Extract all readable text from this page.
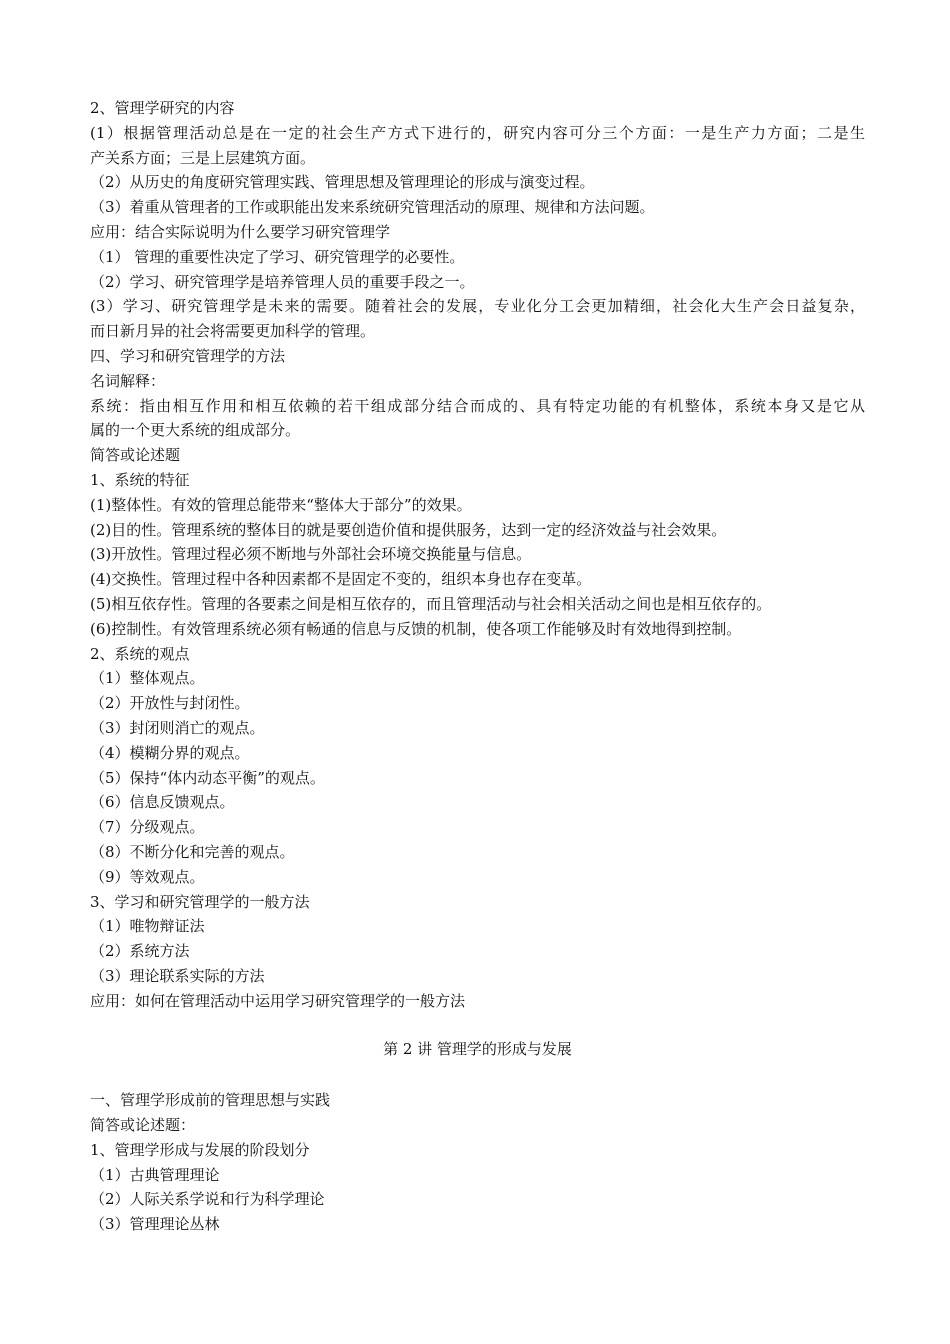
2、管理学研究的内容
(1）根据管理活动总是在一定的社会生产方式下进行的，研究内容可分三个方面：一是生产力方面；二是生
产关系方面；三是上层建筑方面。
（2）从历史的角度研究管理实践、管理思想及管理理论的形成与演变过程。
（3）着重从管理者的工作或职能出发来系统研究管理活动的原理、规律和方法问题。
应用：结合实际说明为什么要学习研究管理学
（1） 管理的重要性决定了学习、研究管理学的必要性。
（2）学习、研究管理学是培养管理人员的重要手段之一。
(3）学习、研究管理学是未来的需要。随着社会的发展，专业化分工会更加精细，社会化大生产会日益复杂，
而日新月异的社会将需要更加科学的管理。
四、学习和研究管理学的方法
名词解释：
系统：指由相互作用和相互依赖的若干组成部分结合而成的、具有特定功能的有机整体，系统本身又是它从
属的一个更大系统的组成部分。
简答或论述题
1、系统的特征
(1)整体性。有效的管理总能带来“整体大于部分”的效果。
(2)目的性。管理系统的整体目的就是要创造价值和提供服务，达到一定的经济效益与社会效果。
(3)开放性。管理过程必须不断地与外部社会环境交换能量与信息。
(4)交换性。管理过程中各种因素都不是固定不变的，组织本身也存在变革。
(5)相互依存性。管理的各要素之间是相互依存的，而且管理活动与社会相关活动之间也是相互依存的。
(6)控制性。有效管理系统必须有畅通的信息与反馈的机制，使各项工作能够及时有效地得到控制。
2、系统的观点
（1）整体观点。
（2）开放性与封闭性。
（3）封闭则消亡的观点。
（4）模糊分界的观点。
（5）保持“体内动态平衡”的观点。
（6）信息反馈观点。
（7）分级观点。
（8）不断分化和完善的观点。
（9）等效观点。
3、学习和研究管理学的一般方法
（1）唯物辩证法
（2）系统方法
（3）理论联系实际的方法
应用：如何在管理活动中运用学习研究管理学的一般方法
第 2 讲 管理学的形成与发展
一、管理学形成前的管理思想与实践
简答或论述题：
1、管理学形成与发展的阶段划分
（1）古典管理理论
（2）人际关系学说和行为科学理论
（3）管理理论丛林
